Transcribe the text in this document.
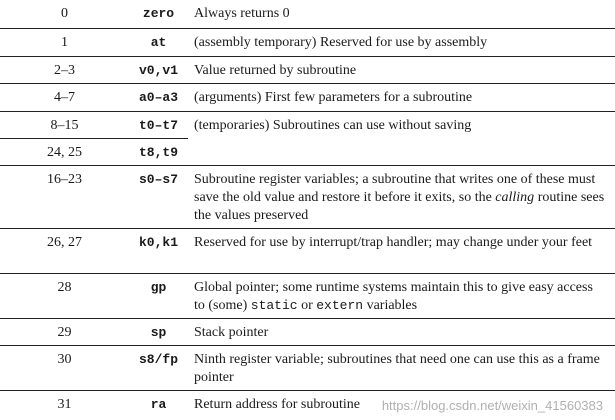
0	zero	Always returns 0
1	at	(assembly temporary) Reserved for use by assembly
2–3	v0,v1	Value returned by subroutine
4–7	a0–a3	(arguments) First few parameters for a subroutine
8–15	t0–t7	(temporaries) Subroutines can use without saving
24, 25	t8,t9	
16–23	s0–s7	Subroutine register variables; a subroutine that writes one of these must save the old value and restore it before it exits, so the calling routine sees the values preserved
26, 27	k0,k1	Reserved for use by interrupt/trap handler; may change under your feet
28	gp	Global pointer; some runtime systems maintain this to give easy access to (some) static or extern variables
29	sp	Stack pointer
30	s8/fp	Ninth register variable; subroutines that need one can use this as a frame pointer
31	ra	Return address for subroutine https://blog.csdn.net/weixin_41560383
